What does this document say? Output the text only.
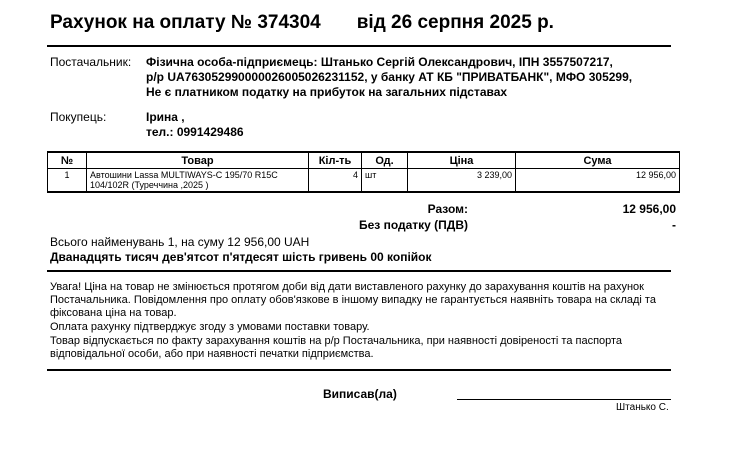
Рахунок на оплату № 374304 від 26 серпня 2025 р.
Постачальник: Фізична особа-підприємець: Штанько Сергій Олександрович, ІПН 3557507217,
р/р UA763052990000026005026231152, у банку АТ КБ "ПРИВАТБАНК", МФО 305299,
Не є платником податку на прибуток на загальних підставах
Покупець:	Ірина ,
тел.: 0991429486
№	Товар	Кіл-ть	Од.	Ціна	Сума
1	Автошини Lassa MULTIWAYS-C 195/70 R15C 104/102R (Туреччина ,2025 )	4	шт	3 239,00	12 956,00
Разом:	12 956,00
Без податку (ПДВ)	-
Всього найменувань 1, на суму 12 956,00 UAH
Дванадцять тисяч дев'ятсот п'ятдесят шість гривень 00 копійок
Увага! Ціна на товар не змінюється протягом доби від дати виставленого рахунку до зарахування коштів на рахунок Постачальника. Повідомлення про оплату обов'язкове в іншому випадку не гарантується наявніть товара на складі та фіксована ціна на товар.
Оплата рахунку підтверджує згоду з умовами поставки товару.
Товар відпускається по факту зарахування коштів на р/р Постачальника, при наявності довіреності та паспорта відповідальної особи, або при наявності печатки підприємства.
Виписав(ла)
Штанько С.
